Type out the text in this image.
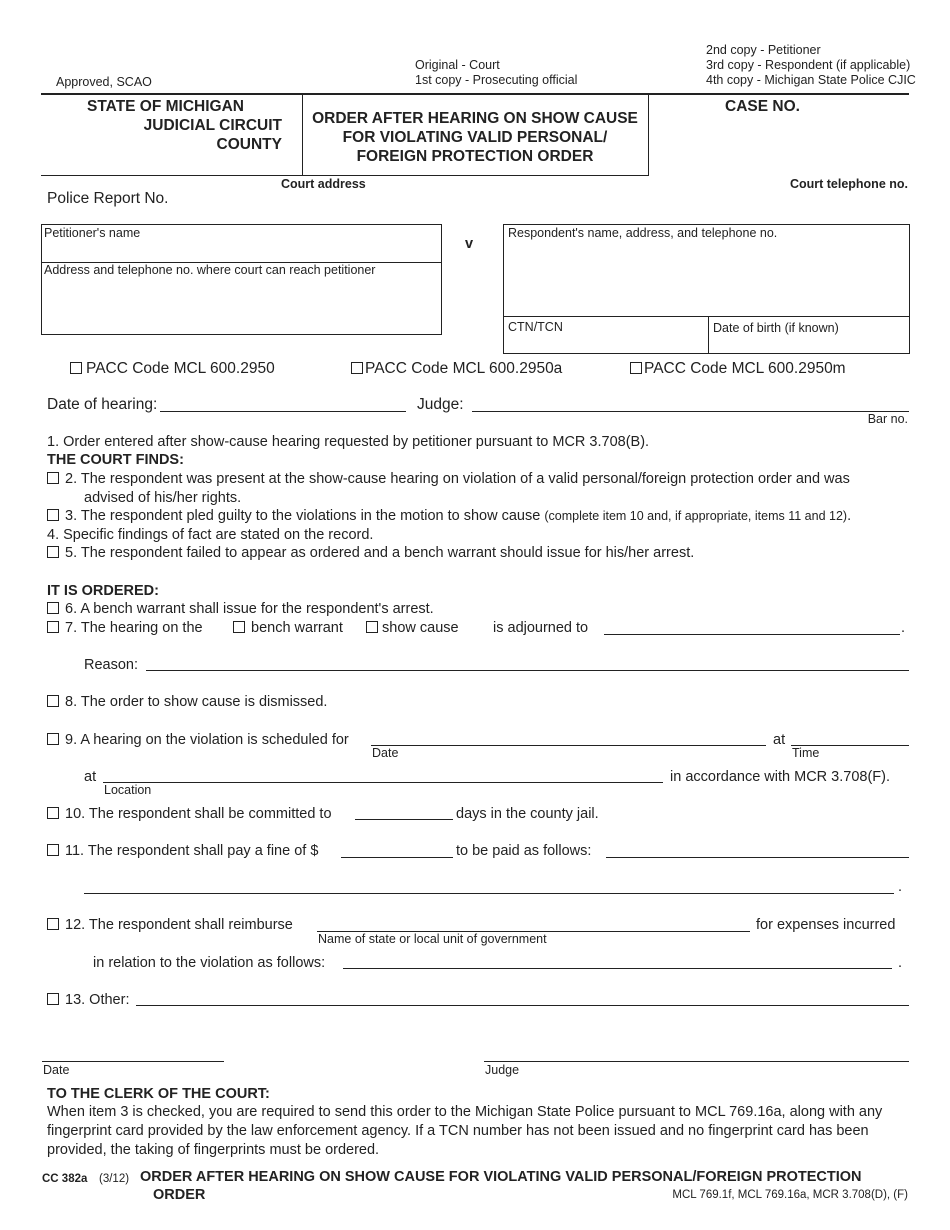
Approved, SCAO
Original - Court
1st copy - Prosecuting official
2nd copy - Petitioner
3rd copy - Respondent (if applicable)
4th copy - Michigan State Police CJIC
STATE OF MICHIGAN
JUDICIAL CIRCUIT
COUNTY
ORDER AFTER HEARING ON SHOW CAUSE
FOR VIOLATING VALID PERSONAL/
FOREIGN PROTECTION ORDER
CASE NO.
Court address	Court telephone no.
Police Report No.
Petitioner's name
Address and telephone no. where court can reach petitioner
v
Respondent's name, address, and telephone no.
CTN/TCN	Date of birth (if known)
PACC Code MCL 600.2950	PACC Code MCL 600.2950a	PACC Code MCL 600.2950m
Date of hearing:	Judge:
Bar no.
1. Order entered after show-cause hearing requested by petitioner pursuant to MCR 3.708(B).
THE COURT FINDS:
2. The respondent was present at the show-cause hearing on violation of a valid personal/foreign protection order and was
advised of his/her rights.
3. The respondent pled guilty to the violations in the motion to show cause (complete item 10 and, if appropriate, items 11 and 12).
4. Specific findings of fact are stated on the record.
5. The respondent failed to appear as ordered and a bench warrant should issue for his/her arrest.
IT IS ORDERED:
6. A bench warrant shall issue for the respondent's arrest.
7. The hearing on the	bench warrant	show cause is adjourned to	.
Reason:
8. The order to show cause is dismissed.
9. A hearing on the violation is scheduled for
Date
at
Time
at
Location
in accordance with MCR 3.708(F).
10. The respondent shall be committed to	days in the county jail.
11. The respondent shall pay a fine of $	to be paid as follows:
.
12. The respondent shall reimburse
Name of state or local unit of government
for expenses incurred
in relation to the violation as follows:	.
13. Other:
Date	Judge
TO THE CLERK OF THE COURT:
When item 3 is checked, you are required to send this order to the Michigan State Police pursuant to MCL 769.16a, along with any
fingerprint card provided by the law enforcement agency. If a TCN number has not been issued and no fingerprint card has been
provided, the taking of fingerprints must be ordered.
CC 382a (3/12) ORDER AFTER HEARING ON SHOW CAUSE FOR VIOLATING VALID PERSONAL/FOREIGN PROTECTION
ORDER	MCL 769.1f, MCL 769.16a, MCR 3.708(D), (F)
